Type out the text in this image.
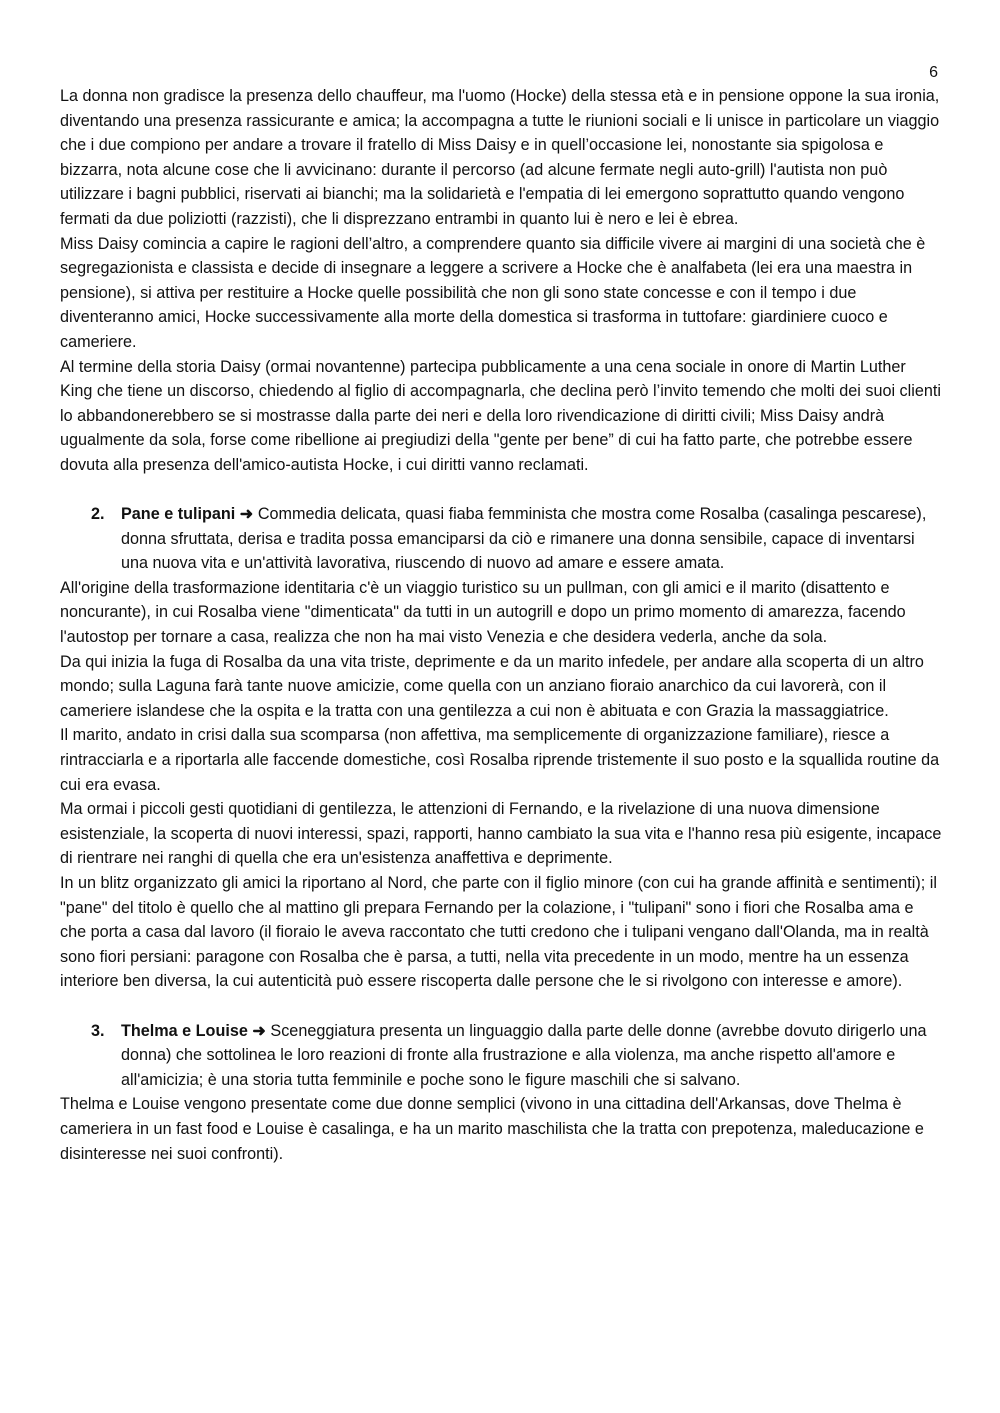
6

La donna non gradisce la presenza dello chauffeur, ma l'uomo (Hocke) della stessa età e in pensione oppone la sua ironia, diventando una presenza rassicurante e amica; la accompagna a tutte le riunioni sociali e li unisce in particolare un viaggio che i due compiono per andare a trovare il fratello di Miss Daisy e in quell’occasione lei, nonostante sia spigolosa e bizzarra, nota alcune cose che li avvicinano: durante il percorso (ad alcune fermate negli auto-grill) l'autista non può utilizzare i bagni pubblici, riservati ai bianchi; ma la solidarietà e l'empatia di lei emergono soprattutto quando vengono fermati da due poliziotti (razzisti), che li disprezzano entrambi in quanto lui è nero e lei è ebrea.

Miss Daisy comincia a capire le ragioni dell’altro, a comprendere quanto sia difficile vivere ai margini di una società che è segregazionista e classista e decide di insegnare a leggere a scrivere a Hocke che è analfabeta (lei era una maestra in pensione), si attiva per restituire a Hocke quelle possibilità che non gli sono state concesse e con il tempo i due diventeranno amici, Hocke successivamente alla morte della domestica si trasforma in tuttofare: giardiniere cuoco e cameriere.

Al termine della storia Daisy (ormai novantenne) partecipa pubblicamente a una cena sociale in onore di Martin Luther King che tiene un discorso, chiedendo al figlio di accompagnarla, che declina però l’invito temendo che molti dei suoi clienti lo abbandonerebbero se si mostrasse dalla parte dei neri e della loro rivendicazione di diritti civili; Miss Daisy andrà ugualmente da sola, forse come ribellione ai pregiudizi della "gente per bene” di cui ha fatto parte, che potrebbe essere dovuta alla presenza dell'amico-autista Hocke, i cui diritti vanno reclamati.

2. Pane e tulipani ➜ Commedia delicata, quasi fiaba femminista che mostra come Rosalba (casalinga pescarese), donna sfruttata, derisa e tradita possa emanciparsi da ciò e rimanere una donna sensibile, capace di inventarsi una nuova vita e un'attività lavorativa, riuscendo di nuovo ad amare e essere amata.

All'origine della trasformazione identitaria c'è un viaggio turistico su un pullman, con gli amici e il marito (disattento e noncurante), in cui Rosalba viene "dimenticata" da tutti in un autogrill e dopo un primo momento di amarezza, facendo l'autostop per tornare a casa, realizza che non ha mai visto Venezia e che desidera vederla, anche da sola.

Da qui inizia la fuga di Rosalba da una vita triste, deprimente e da un marito infedele, per andare alla scoperta di un altro mondo; sulla Laguna farà tante nuove amicizie, come quella con un anziano fioraio anarchico da cui lavorerà, con il cameriere islandese che la ospita e la tratta con una gentilezza a cui non è abituata e con Grazia la massaggiatrice.

Il marito, andato in crisi dalla sua scomparsa (non affettiva, ma semplicemente di organizzazione familiare), riesce a rintracciarla e a riportarla alle faccende domestiche, così Rosalba riprende tristemente il suo posto e la squallida routine da cui era evasa.

Ma ormai i piccoli gesti quotidiani di gentilezza, le attenzioni di Fernando, e la rivelazione di una nuova dimensione esistenziale, la scoperta di nuovi interessi, spazi, rapporti, hanno cambiato la sua vita e l'hanno resa più esigente, incapace di rientrare nei ranghi di quella che era un'esistenza anaffettiva e deprimente.

In un blitz organizzato gli amici la riportano al Nord, che parte con il figlio minore (con cui ha grande affinità e sentimenti); il "pane" del titolo è quello che al mattino gli prepara Fernando per la colazione, i "tulipani" sono i fiori che Rosalba ama e che porta a casa dal lavoro (il fioraio le aveva raccontato che tutti credono che i tulipani vengano dall'Olanda, ma in realtà sono fiori persiani: paragone con Rosalba che è parsa, a tutti, nella vita precedente in un modo, mentre ha un essenza interiore ben diversa, la cui autenticità può essere riscoperta dalle persone che le si rivolgono con interesse e amore).

3. Thelma e Louise ➜ Sceneggiatura presenta un linguaggio dalla parte delle donne (avrebbe dovuto dirigerlo una donna) che sottolinea le loro reazioni di fronte alla frustrazione e alla violenza, ma anche rispetto all'amore e all'amicizia; è una storia tutta femminile e poche sono le figure maschili che si salvano.

Thelma e Louise vengono presentate come due donne semplici (vivono in una cittadina dell'Arkansas, dove Thelma è cameriera in un fast food e Louise è casalinga, e ha un marito maschilista che la tratta con prepotenza, maleducazione e disinteresse nei suoi confronti).
